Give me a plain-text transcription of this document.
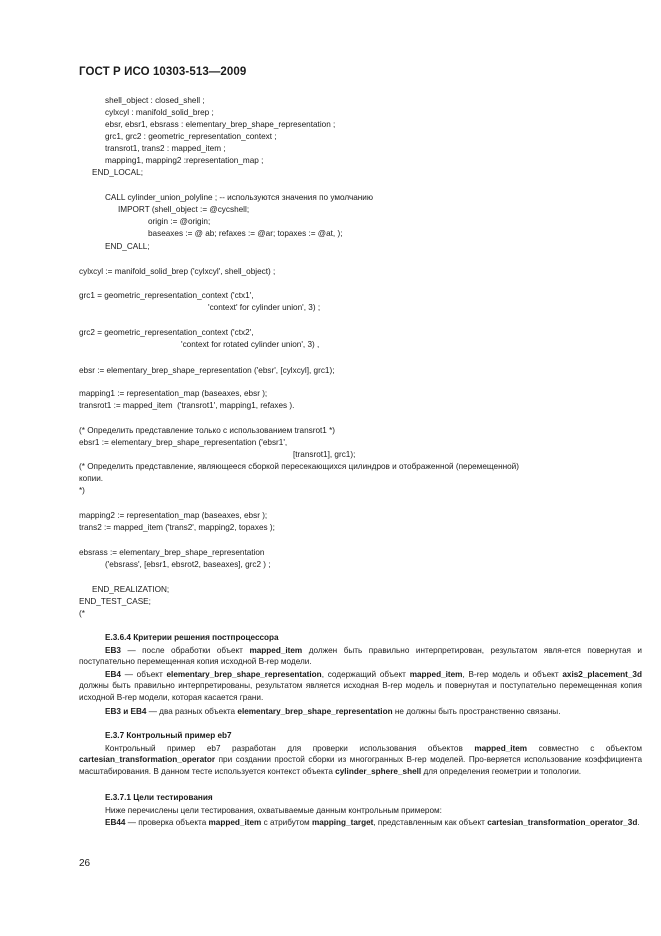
ГОСТ Р ИСО 10303-513—2009
shell_object : closed_shell ;
cylxcyl : manifold_solid_brep ;
ebsr, ebsr1, ebsrass : elementary_brep_shape_representation ;
grc1, grc2 : geometric_representation_context ;
transrot1, trans2 : mapped_item ;
mapping1, mapping2 :representation_map ;
END_LOCAL;
CALL cylinder_union_polyline ; -- используются значения по умолчанию
IMPORT (shell_object := @cycshell;
origin := @origin;
baseaxes := @ ab; refaxes := @ar; topaxes := @at, );
END_CALL;
cylxcyl := manifold_solid_brep ('cylxcyl', shell_object) ;
grc1 = geometric_representation_context ('ctx1',
'context' for cylinder union', 3) ;
grc2 = geometric_representation_context ('ctx2',
'context for rotated cylinder union', 3) ,
ebsr := elementary_brep_shape_representation ('ebsr', [cylxcyl], grc1);
mapping1 := representation_map (baseaxes, ebsr );
transrot1 := mapped_item  ('transrot1', mapping1, refaxes ).
(* Определить представление только с использованием transrot1 *)
ebsr1 := elementary_brep_shape_representation ('ebsr1',
[transrot1], grc1);
(* Определить представление, являющееся сборкой пересекающихся цилиндров и отображенной (перемещенной)
копии.
*)
mapping2 := representation_map (baseaxes, ebsr );
trans2 := mapped_item ('trans2', mapping2, topaxes );
ebsrass := elementary_brep_shape_representation
('ebsrass', [ebsr1, ebsrot2, baseaxes], grc2 ) ;
END_REALIZATION;
END_TEST_CASE;
(*
E.3.6.4 Критерии решения постпроцессора
EB3 — после обработки объект mapped_item должен быть правильно интерпретирован, результатом явля-ется повернутая и поступательно перемещенная копия исходной В-rep модели.
EB4 — объект elementary_brep_shape_representation, содержащий объект mapped_item, В-rep модель и объект axis2_placement_3d должны быть правильно интерпретированы, результатом является исходная В-rep модель и повернутая и поступательно перемещенная копия исходной В-rep модели, которая касается грани.
EB3 и EB4 — два разных объекта elementary_brep_shape_representation не должны быть пространственно связаны.
E.3.7 Контрольный пример eb7
Контрольный пример eb7 разработан для проверки использования объектов mapped_item совместно с объектом cartesian_transformation_operator при создании простой сборки из многогранных В-rep моделей. Про-веряется использование коэффициента масштабирования. В данном тесте используется контекст объекта cylinder_sphere_shell для определения геометрии и топологии.
E.3.7.1 Цели тестирования
Ниже перечислены цели тестирования, охватываемые данным контрольным примером:
EB44 — проверка объекта mapped_item с атрибутом mapping_target, представленным как объект cartesian_transformation_operator_3d.
26
